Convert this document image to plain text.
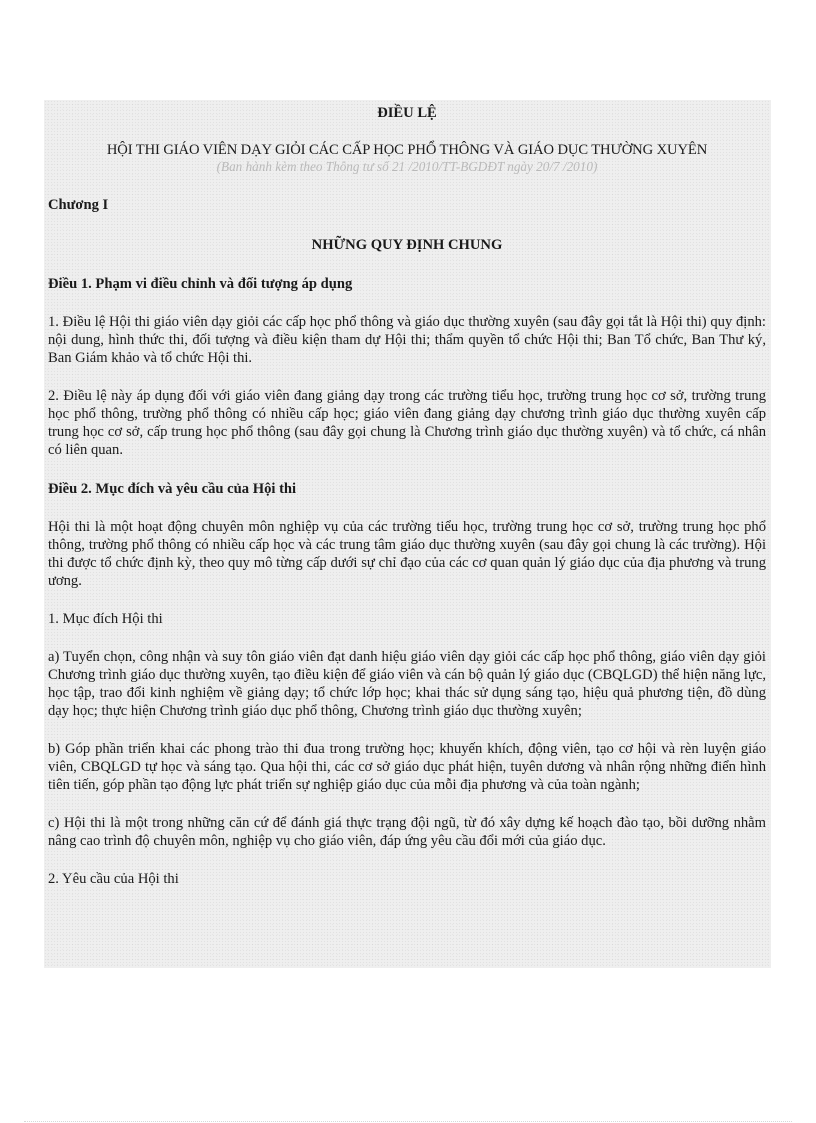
ĐIỀU LỆ
HỘI THI GIÁO VIÊN DẠY GIỎI CÁC CẤP HỌC PHỔ THÔNG VÀ GIÁO DỤC THƯỜNG XUYÊN
(Ban hành kèm theo Thông tư số 21 /2010/TT-BGDĐT ngày 20/7 /2010)
Chương I
NHỮNG QUY ĐỊNH CHUNG
Điều 1. Phạm vi điều chỉnh và đối tượng áp dụng

1. Điều lệ Hội thi giáo viên dạy giỏi các cấp học phổ thông và giáo dục thường xuyên (sau đây gọi tắt là Hội thi) quy định: nội dung, hình thức thi, đối tượng và điều kiện tham dự Hội thi; thẩm quyền tổ chức Hội thi; Ban Tổ chức, Ban Thư ký, Ban Giám khảo và tổ chức Hội thi.

2. Điều lệ này áp dụng đối với giáo viên đang giảng dạy trong các trường tiểu học, trường trung học cơ sở, trường trung học phổ thông, trường phổ thông có nhiều cấp học; giáo viên đang giảng dạy chương trình giáo dục thường xuyên cấp trung học cơ sở, cấp trung học phổ thông (sau đây gọi chung là Chương trình giáo dục thường xuyên) và tổ chức, cá nhân có liên quan.

Điều 2. Mục đích và yêu cầu của Hội thi

Hội thi là một hoạt động chuyên môn nghiệp vụ của các trường tiểu học, trường trung học cơ sở, trường trung học phổ thông, trường phổ thông có nhiều cấp học và các trung tâm giáo dục thường xuyên (sau đây gọi chung là các trường). Hội thi được tổ chức định kỳ, theo quy mô từng cấp dưới sự chỉ đạo của các cơ quan quản lý giáo dục của địa phương và trung ương.

1. Mục đích Hội thi

a) Tuyển chọn, công nhận và suy tôn giáo viên đạt danh hiệu giáo viên dạy giỏi các cấp học phổ thông, giáo viên dạy giỏi Chương trình giáo dục thường xuyên, tạo điều kiện để giáo viên và cán bộ quản lý giáo dục (CBQLGD) thể hiện năng lực, học tập, trao đổi kinh nghiệm về giảng dạy; tổ chức lớp học; khai thác sử dụng sáng tạo, hiệu quả phương tiện, đồ dùng dạy học; thực hiện Chương trình giáo dục phổ thông, Chương trình giáo dục thường xuyên;

b) Góp phần triển khai các phong trào thi đua trong trường học; khuyến khích, động viên, tạo cơ hội và rèn luyện giáo viên, CBQLGD tự học và sáng tạo. Qua hội thi, các cơ sở giáo dục phát hiện, tuyên dương và nhân rộng những điển hình tiên tiến, góp phần tạo động lực phát triển sự nghiệp giáo dục của mỗi địa phương và của toàn ngành;

c) Hội thi là một trong những căn cứ để đánh giá thực trạng đội ngũ, từ đó xây dựng kế hoạch đào tạo, bồi dưỡng nhằm nâng cao trình độ chuyên môn, nghiệp vụ cho giáo viên, đáp ứng yêu cầu đổi mới của giáo dục.

2. Yêu cầu của Hội thi
